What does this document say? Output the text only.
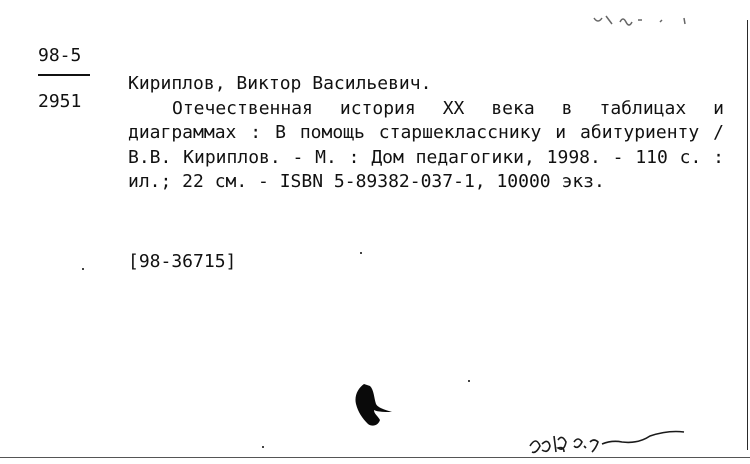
98-5
2951
Кириплов, Виктор Васильевич.
Отечественная история XX века в таблицах и диаграммах : В помощь старшекласснику и абитуриенту / В.В. Кириплов. - М. : Дом педагогики, 1998. - 110 с. : ил.; 22 см. - ISBN 5-89382-037-1, 10000 экз.
[98-36715]
